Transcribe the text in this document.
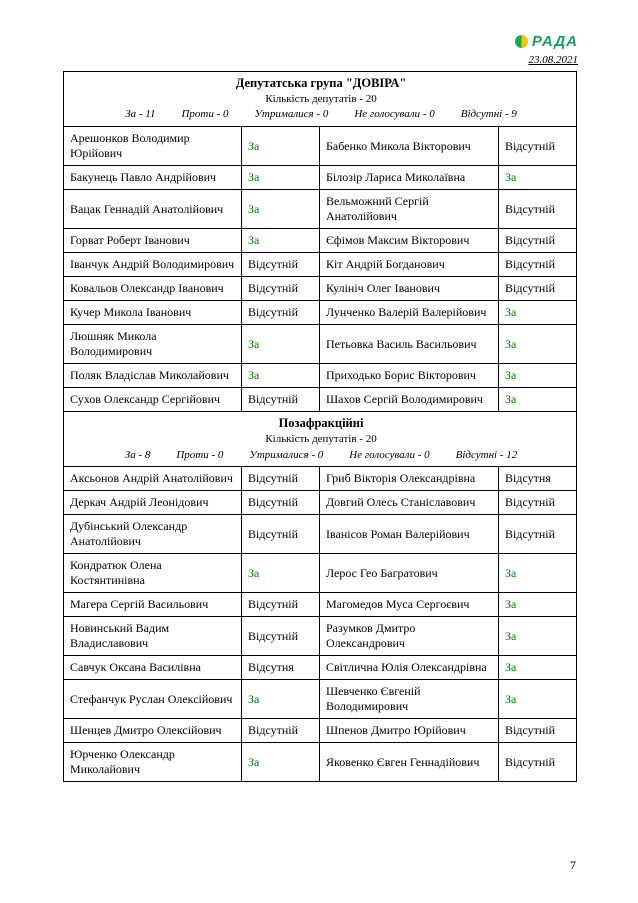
РАДА
23.08.2021
Депутатська група "ДОВІРА"
Кількість депутатів - 20
За - 11 Проти - 0 Утрималися - 0 Не голосували - 0 Відсутні - 9			

Арешонков Володимир Юрійович	За	Бабенко Микола Вікторович	Відсутній
Бакунець Павло Андрійович	За	Білозір Лариса Миколаївна	За
Вацак Геннадій Анатолійович	За	Вельможний Сергій Анатолійович	Відсутній
Горват Роберт Іванович	За	Єфімов Максим Вікторович	Відсутній
Іванчук Андрій Володимирович	Відсутній	Кіт Андрій Богданович	Відсутній
Ковальов Олександр Іванович	Відсутній	Кулініч Олег Іванович	Відсутній
Кучер Микола Іванович	Відсутній	Лунченко Валерій Валерійович	За
Люшняк Микола Володимирович	За	Петьовка Василь Васильович	За
Поляк Владіслав Миколайович	За	Приходько Борис Вікторович	За
Сухов Олександр Сергійович	Відсутній	Шахов Сергій Володимирович	За

Позафракційні
Кількість депутатів - 20
За - 8 Проти - 0 Утрималися - 0 Не голосували - 0 Відсутні - 12			

Аксьонов Андрій Анатолійович	Відсутній	Гриб Вікторія Олександрівна	Відсутня
Деркач Андрій Леонідович	Відсутній	Довгий Олесь Станіславович	Відсутній
Дубінський Олександр Анатолійович	Відсутній	Іванісов Роман Валерійович	Відсутній
Кондратюк Олена Костянтинівна	За	Лерос Гео Багратович	За
Магера Сергій Васильович	Відсутній	Магомедов Муса Сергоєвич	За
Новинський Вадим Владиславович	Відсутній	Разумков Дмитро Олександрович	За
Савчук Оксана Василівна	Відсутня	Світлична Юлія Олександрівна	За
Стефанчук Руслан Олексійович	За	Шевченко Євгеній Володимирович	За
Шенцев Дмитро Олексійович	Відсутній	Шпенов Дмитро Юрійович	Відсутній
Юрченко Олександр Миколайович	За	Яковенко Євген Геннадійович	Відсутній
7
